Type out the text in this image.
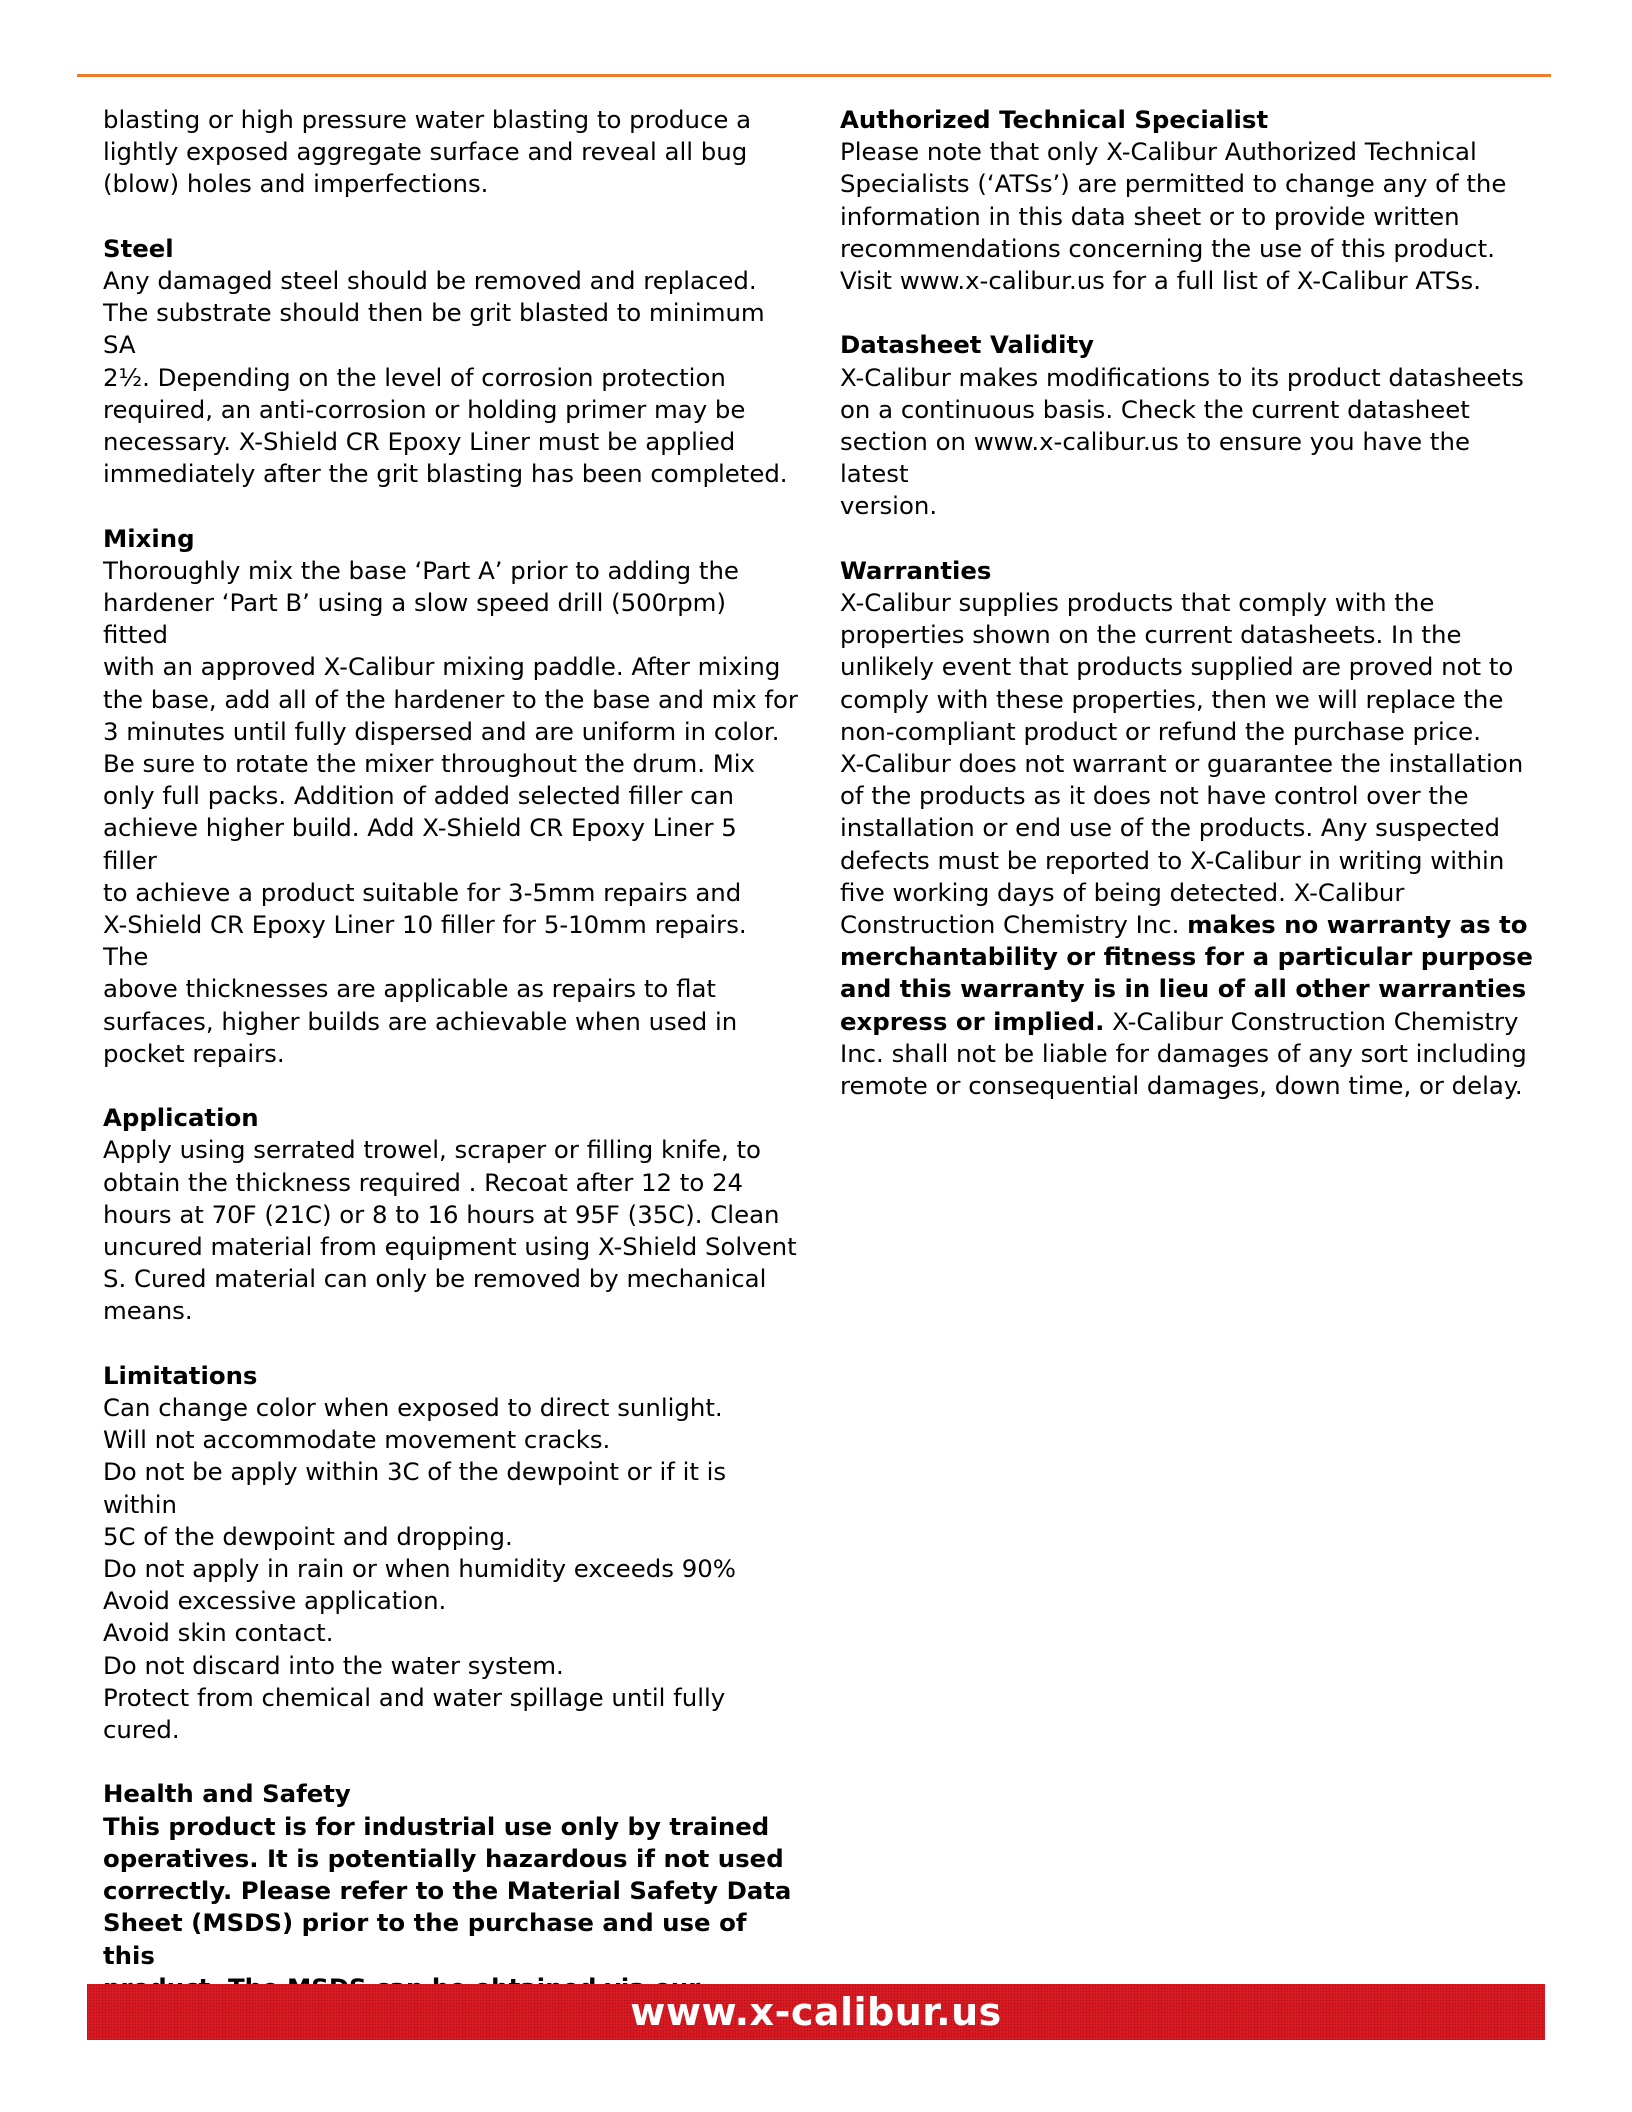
blasting or high pressure water blasting to produce a
lightly exposed aggregate surface and reveal all bug
(blow) holes and imperfections.
Steel
Any damaged steel should be removed and replaced.
The substrate should then be grit blasted to minimum SA
2½. Depending on the level of corrosion protection
required, an anti-corrosion or holding primer may be
necessary. X-Shield CR Epoxy Liner must be applied
immediately after the grit blasting has been completed.
Mixing
Thoroughly mix the base ‘Part A’ prior to adding the
hardener ‘Part B’ using a slow speed drill (500rpm) fitted
with an approved X-Calibur mixing paddle. After mixing
the base, add all of the hardener to the base and mix for
3 minutes until fully dispersed and are uniform in color.
Be sure to rotate the mixer throughout the drum. Mix
only full packs. Addition of added selected filler can
achieve higher build. Add X-Shield CR Epoxy Liner 5 filler
to achieve a product suitable for 3-5mm repairs and
X-Shield CR Epoxy Liner 10 filler for 5-10mm repairs. The
above thicknesses are applicable as repairs to flat
surfaces, higher builds are achievable when used in
pocket repairs.
Application
Apply using serrated trowel, scraper or filling knife, to
obtain the thickness required . Recoat after 12 to 24
hours at 70F (21C) or 8 to 16 hours at 95F (35C). Clean
uncured material from equipment using X-Shield Solvent
S. Cured material can only be removed by mechanical
means.
Limitations
Can change color when exposed to direct sunlight.
Will not accommodate movement cracks.
Do not be apply within 3C of the dewpoint or if it is within
5C of the dewpoint and dropping.
Do not apply in rain or when humidity exceeds 90%
Avoid excessive application.
Avoid skin contact.
Do not discard into the water system.
Protect from chemical and water spillage until fully cured.
Health and Safety
This product is for industrial use only by trained
operatives. It is potentially hazardous if not used
correctly. Please refer to the Material Safety Data
Sheet (MSDS) prior to the purchase and use of this

Authorized Technical Specialist
Please note that only X-Calibur Authorized Technical
Specialists (‘ATSs’) are permitted to change any of the
information in this data sheet or to provide written
recommendations concerning the use of this product.
Visit www.x-calibur.us for a full list of X-Calibur ATSs.
Datasheet Validity
X-Calibur makes modifications to its product datasheets
on a continuous basis. Check the current datasheet
section on www.x-calibur.us to ensure you have the latest
version.
Warranties
X-Calibur supplies products that comply with the
properties shown on the current datasheets. In the
unlikely event that products supplied are proved not to
comply with these properties, then we will replace the
non-compliant product or refund the purchase price.
X-Calibur does not warrant or guarantee the installation
of the products as it does not have control over the
installation or end use of the products. Any suspected
defects must be reported to X-Calibur in writing within
five working days of being detected. X-Calibur
Construction Chemistry Inc. makes no warranty as to
merchantability or fitness for a particular purpose
and this warranty is in lieu of all other warranties
express or implied. X-Calibur Construction Chemistry
Inc. shall not be liable for damages of any sort including
remote or consequential damages, down time, or delay.
www.x-calibur.us
